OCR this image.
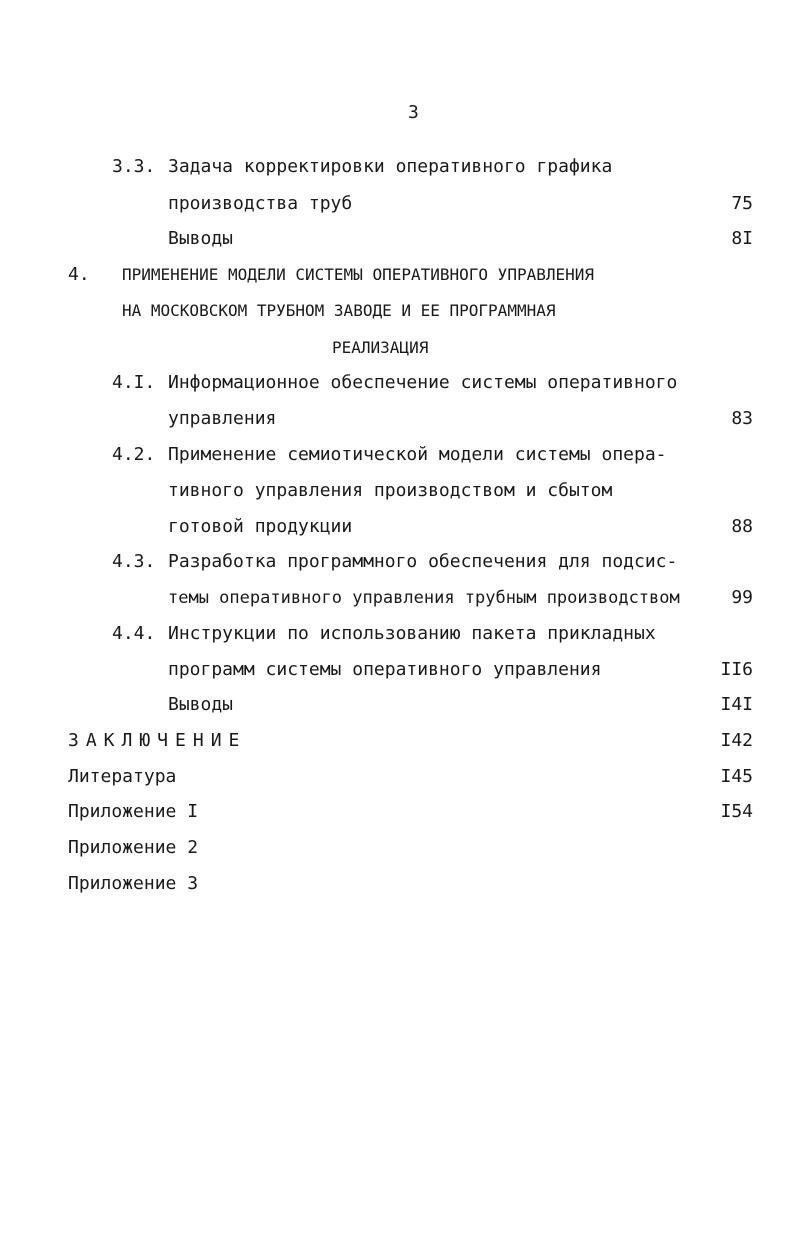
3
3.3. Задача корректировки оперативного графика
производства труб	75
Выводы	8I
4. ПРИМЕНЕНИЕ МОДЕЛИ СИСТЕМЫ ОПЕРАТИВНОГО УПРАВЛЕНИЯ
НА МОСКОВСКОМ ТРУБНОМ ЗАВОДЕ И ЕЕ ПРОГРАММНАЯ
РЕАЛИЗАЦИЯ
4.I. Информационное обеспечение системы оперативного
управления	83
4.2. Применение семиотической модели системы опера-
тивного управления производством и сбытом
готовой продукции	88
4.3. Разработка программного обеспечения для подсис-
темы оперативного управления трубным производством	99
4.4. Инструкции по использованию пакета прикладных
программ системы оперативного управления	II6
Выводы	I4I
ЗАКЛЮЧЕНИЕ	I42
Литература	I45
Приложение I	I54
Приложение 2
Приложение 3
